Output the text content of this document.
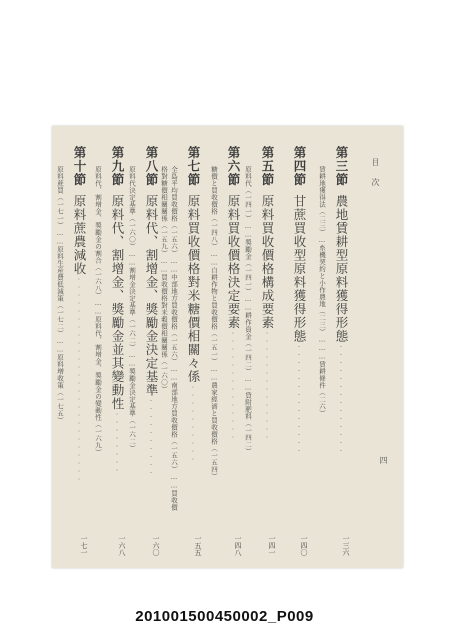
目　次
四
第三節農地賃耕型原料獲得形態··············
一三六
賃耕地獲得法（二三）…糸機契約と小作農地（二三）………賃耕條件（二六）
第四節甘蔗買收型原料獲得形態··············
一四〇
第五節原料買收價格構成要素··············
一四一
原料代（一四一）……獎勵金（一四一）……耕作資金（一四二）……貸附肥料（一四二）
第六節原料買收價格決定要素··············
一四八
糖價と買收價格（一四八）……自耕作物と買收價格（一五一）……農家經濟と買收價格（一五四）
第七節原料買收價格對米糖價相關々係··········
一五五
全島平均買收價格（一五六）……中部地方買收價格（一五六）……南部地方買收價格（一五六）……買收價
格對糖價相關關係（一五九）……買收價格對米穀價相關關係（一六〇）
第八節原料代、割增金、獎勵金決定基準··········
一六〇
原料代決定基準（一六〇）……割增金決定基準（一六二）……獎勵金決定基準（一六二）
第九節原料代、割增金、獎勵金並其變動性········
一六八
原料代、割增金、獎勵金の割合（一六八）……原料代、割增金、獎勵金の變動性（一六九）
第十節原料蔗農減收··························
一七一
原料蔗買（一七一）……原料生産費低減策（一七二）……原料増收策（一七五）
201001500450002_P009
